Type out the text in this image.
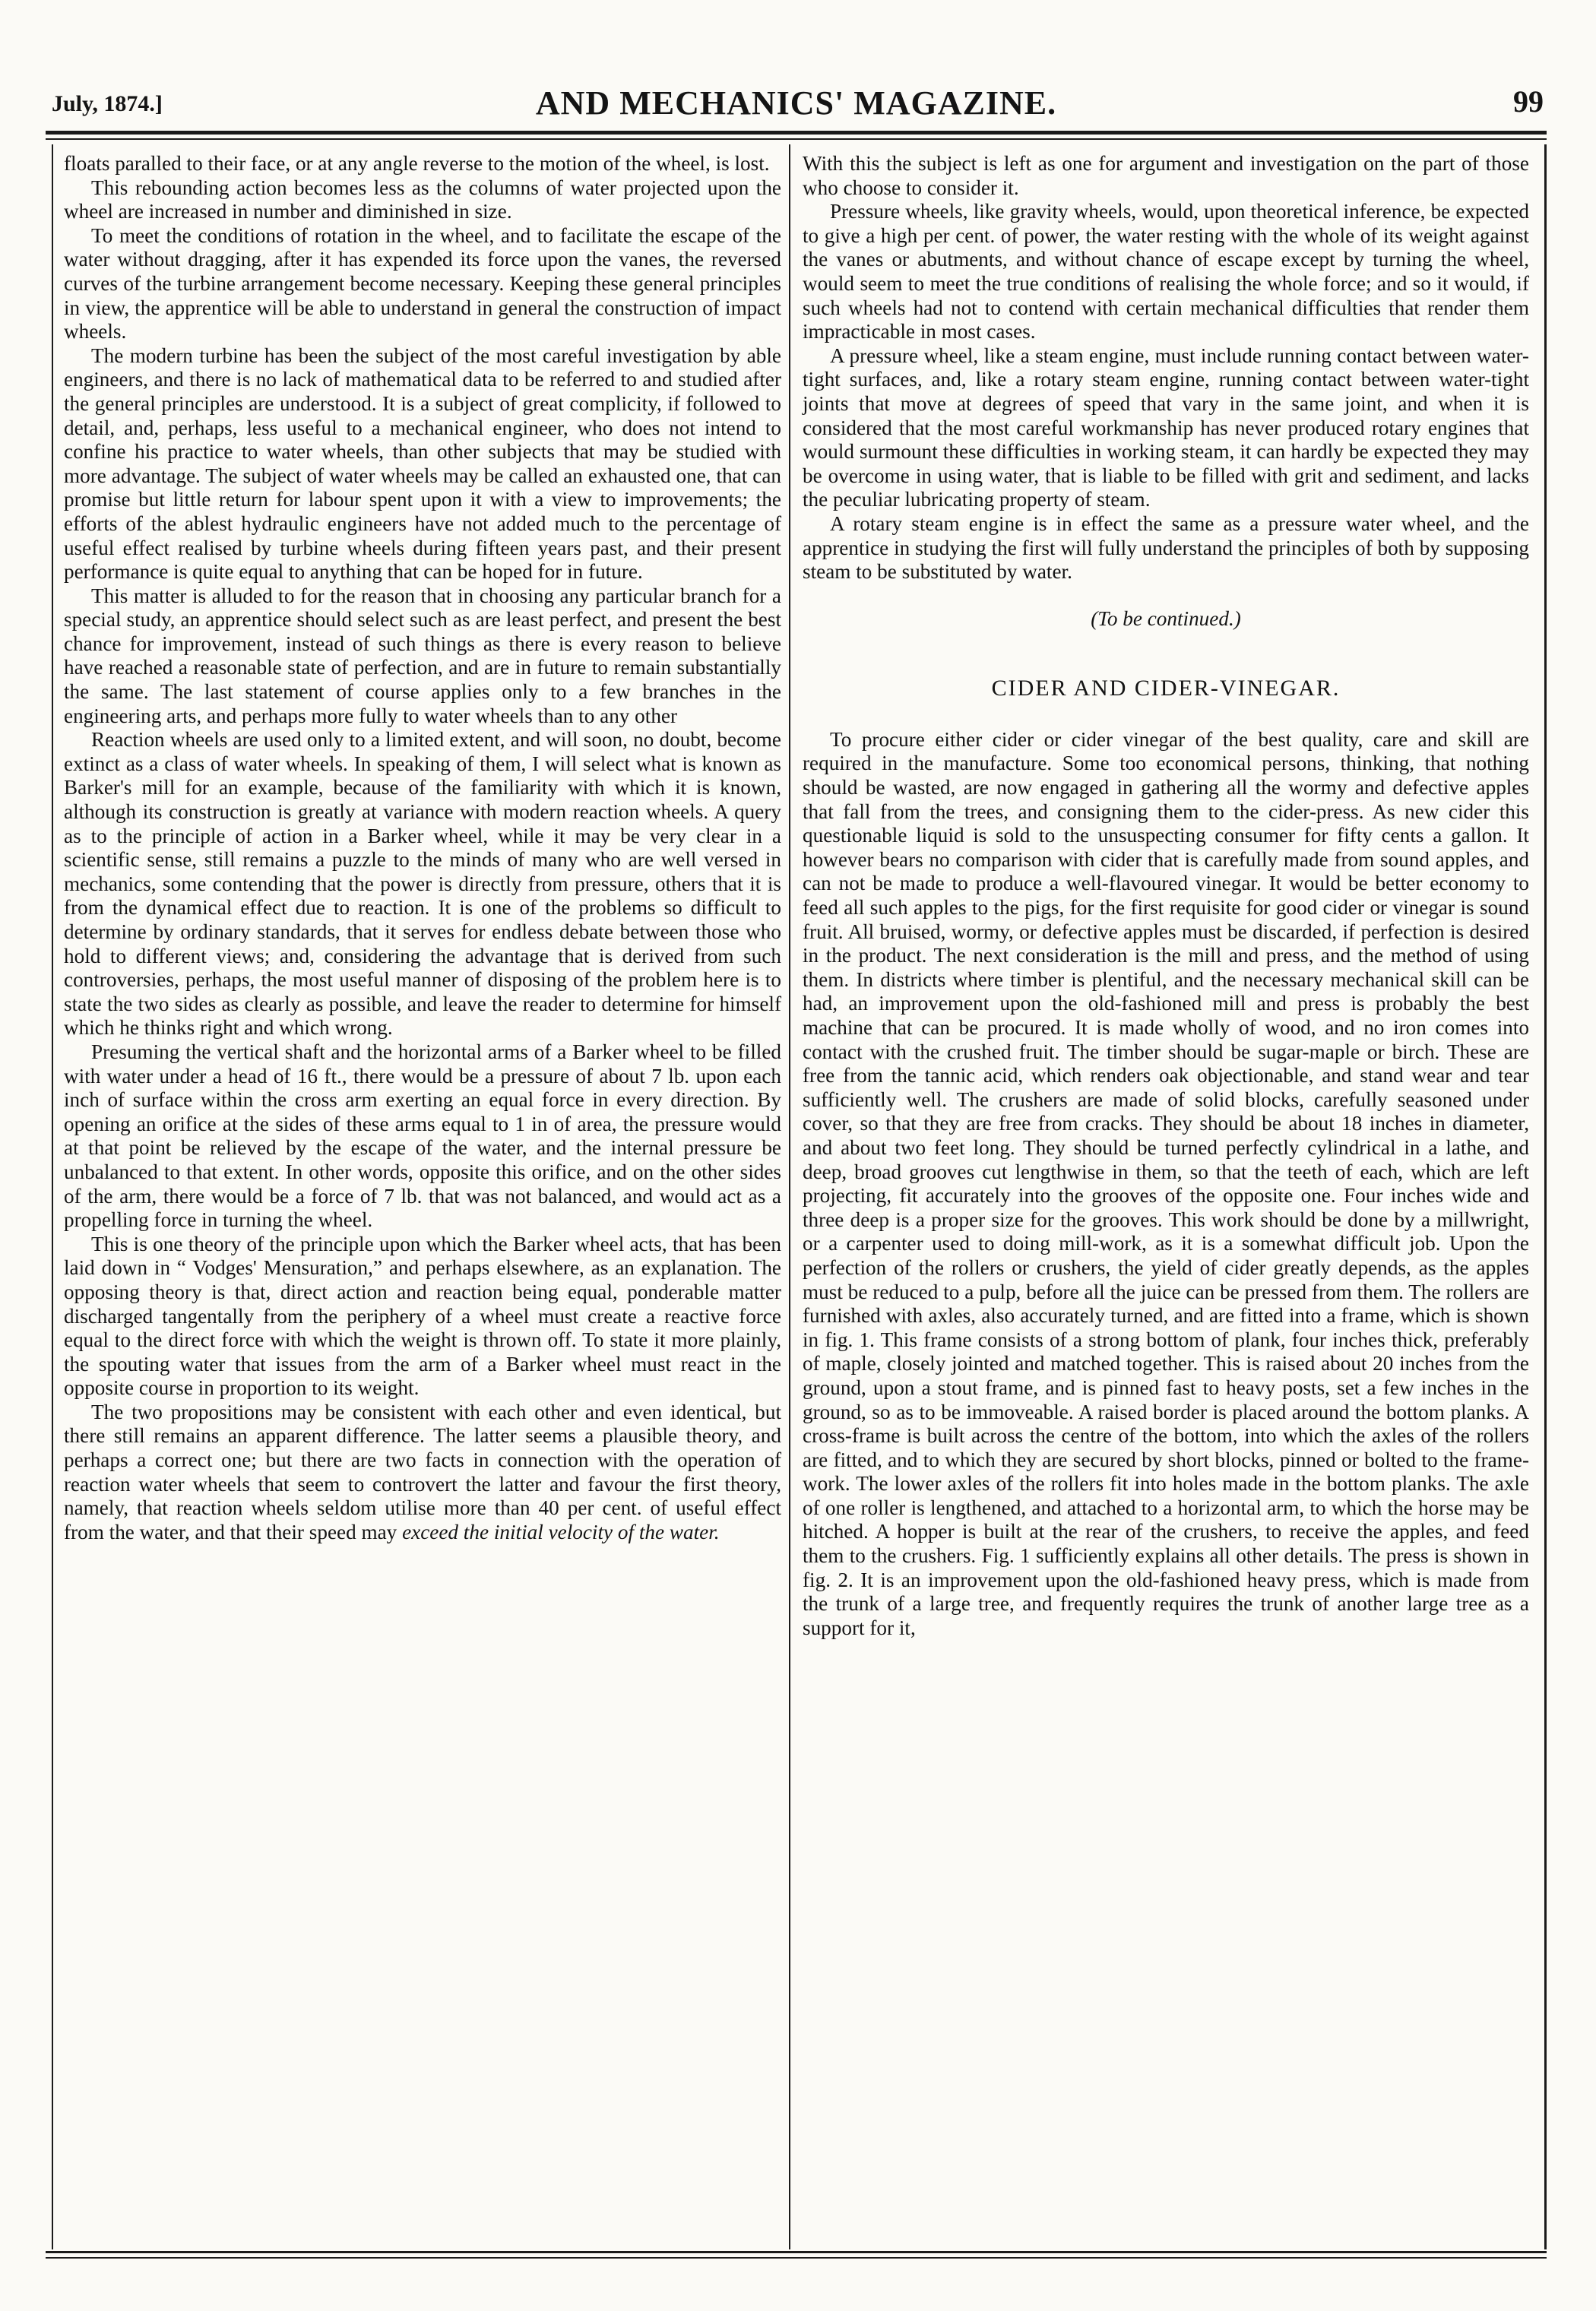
July, 1874.]	AND MECHANICS' MAGAZINE.	99

floats paralled to their face, or at any angle reverse to the motion of the wheel, is lost.

This rebounding action becomes less as the columns of water projected upon the wheel are increased in number and diminished in size.

To meet the conditions of rotation in the wheel, and to facilitate the escape of the water without dragging, after it has expended its force upon the vanes, the reversed curves of the turbine arrangement become necessary. Keeping these general principles in view, the apprentice will be able to understand in general the construction of impact wheels.

The modern turbine has been the subject of the most careful investigation by able engineers, and there is no lack of mathematical data to be referred to and studied after the general principles are understood. It is a subject of great complicity, if followed to detail, and, perhaps, less useful to a mechanical engineer, who does not intend to confine his practice to water wheels, than other subjects that may be studied with more advantage. The subject of water wheels may be called an exhausted one, that can promise but little return for labour spent upon it with a view to improvements; the efforts of the ablest hydraulic engineers have not added much to the percentage of useful effect realised by turbine wheels during fifteen years past, and their present performance is quite equal to anything that can be hoped for in future.

This matter is alluded to for the reason that in choosing any particular branch for a special study, an apprentice should select such as are least perfect, and present the best chance for improvement, instead of such things as there is every reason to believe have reached a reasonable state of perfection, and are in future to remain substantially the same. The last statement of course applies only to a few branches in the engineering arts, and perhaps more fully to water wheels than to any other

Reaction wheels are used only to a limited extent, and will soon, no doubt, become extinct as a class of water wheels. In speaking of them, I will select what is known as Barker's mill for an example, because of the familiarity with which it is known, although its construction is greatly at variance with modern reaction wheels. A query as to the principle of action in a Barker wheel, while it may be very clear in a scientific sense, still remains a puzzle to the minds of many who are well versed in mechanics, some contending that the power is directly from pressure, others that it is from the dynamical effect due to reaction. It is one of the problems so difficult to determine by ordinary standards, that it serves for endless debate between those who hold to different views; and, considering the advantage that is derived from such controversies, perhaps, the most useful manner of disposing of the problem here is to state the two sides as clearly as possible, and leave the reader to determine for himself which he thinks right and which wrong.

Presuming the vertical shaft and the horizontal arms of a Barker wheel to be filled with water under a head of 16 ft., there would be a pressure of about 7 lb. upon each inch of surface within the cross arm exerting an equal force in every direction. By opening an orifice at the sides of these arms equal to 1 in of area, the pressure would at that point be relieved by the escape of the water, and the internal pressure be unbalanced to that extent. In other words, opposite this orifice, and on the other sides of the arm, there would be a force of 7 lb. that was not balanced, and would act as a propelling force in turning the wheel.

This is one theory of the principle upon which the Barker wheel acts, that has been laid down in “ Vodges' Mensuration,” and perhaps elsewhere, as an explanation. The opposing theory is that, direct action and reaction being equal, ponderable matter discharged tangentally from the periphery of a wheel must create a reactive force equal to the direct force with which the weight is thrown off. To state it more plainly, the spouting water that issues from the arm of a Barker wheel must react in the opposite course in proportion to its weight.

The two propositions may be consistent with each other and even identical, but there still remains an apparent difference. The latter seems a plausible theory, and perhaps a correct one; but there are two facts in connection with the operation of reaction water wheels that seem to controvert the latter and favour the first theory, namely, that reaction wheels seldom utilise more than 40 per cent. of useful effect from the water, and that their speed may exceed the initial velocity of the water.

With this the subject is left as one for argument and investigation on the part of those who choose to consider it.

Pressure wheels, like gravity wheels, would, upon theoretical inference, be expected to give a high per cent. of power, the water resting with the whole of its weight against the vanes or abutments, and without chance of escape except by turning the wheel, would seem to meet the true conditions of realising the whole force; and so it would, if such wheels had not to contend with certain mechanical difficulties that render them impracticable in most cases.

A pressure wheel, like a steam engine, must include running contact between water-tight surfaces, and, like a rotary steam engine, running contact between water-tight joints that move at degrees of speed that vary in the same joint, and when it is considered that the most careful workmanship has never produced rotary engines that would surmount these difficulties in working steam, it can hardly be expected they may be overcome in using water, that is liable to be filled with grit and sediment, and lacks the peculiar lubricating property of steam.

A rotary steam engine is in effect the same as a pressure water wheel, and the apprentice in studying the first will fully understand the principles of both by supposing steam to be substituted by water.

(To be continued.)

CIDER AND CIDER-VINEGAR.

To procure either cider or cider vinegar of the best quality, care and skill are required in the manufacture. Some too economical persons, thinking, that nothing should be wasted, are now engaged in gathering all the wormy and defective apples that fall from the trees, and consigning them to the cider-press. As new cider this questionable liquid is sold to the unsuspecting consumer for fifty cents a gallon. It however bears no comparison with cider that is carefully made from sound apples, and can not be made to produce a well-flavoured vinegar. It would be better economy to feed all such apples to the pigs, for the first requisite for good cider or vinegar is sound fruit. All bruised, wormy, or defective apples must be discarded, if perfection is desired in the product. The next consideration is the mill and press, and the method of using them. In districts where timber is plentiful, and the necessary mechanical skill can be had, an improvement upon the old-fashioned mill and press is probably the best machine that can be procured. It is made wholly of wood, and no iron comes into contact with the crushed fruit. The timber should be sugar-maple or birch. These are free from the tannic acid, which renders oak objectionable, and stand wear and tear sufficiently well. The crushers are made of solid blocks, carefully seasoned under cover, so that they are free from cracks. They should be about 18 inches in diameter, and about two feet long. They should be turned perfectly cylindrical in a lathe, and deep, broad grooves cut lengthwise in them, so that the teeth of each, which are left projecting, fit accurately into the grooves of the opposite one. Four inches wide and three deep is a proper size for the grooves. This work should be done by a millwright, or a carpenter used to doing mill-work, as it is a somewhat difficult job. Upon the perfection of the rollers or crushers, the yield of cider greatly depends, as the apples must be reduced to a pulp, before all the juice can be pressed from them. The rollers are furnished with axles, also accurately turned, and are fitted into a frame, which is shown in fig. 1. This frame consists of a strong bottom of plank, four inches thick, preferably of maple, closely jointed and matched together. This is raised about 20 inches from the ground, upon a stout frame, and is pinned fast to heavy posts, set a few inches in the ground, so as to be immoveable. A raised border is placed around the bottom planks. A cross-frame is built across the centre of the bottom, into which the axles of the rollers are fitted, and to which they are secured by short blocks, pinned or bolted to the frame-work. The lower axles of the rollers fit into holes made in the bottom planks. The axle of one roller is lengthened, and attached to a horizontal arm, to which the horse may be hitched. A hopper is built at the rear of the crushers, to receive the apples, and feed them to the crushers. Fig. 1 sufficiently explains all other details. The press is shown in fig. 2. It is an improvement upon the old-fashioned heavy press, which is made from the trunk of a large tree, and frequently requires the trunk of another large tree as a support for it,
